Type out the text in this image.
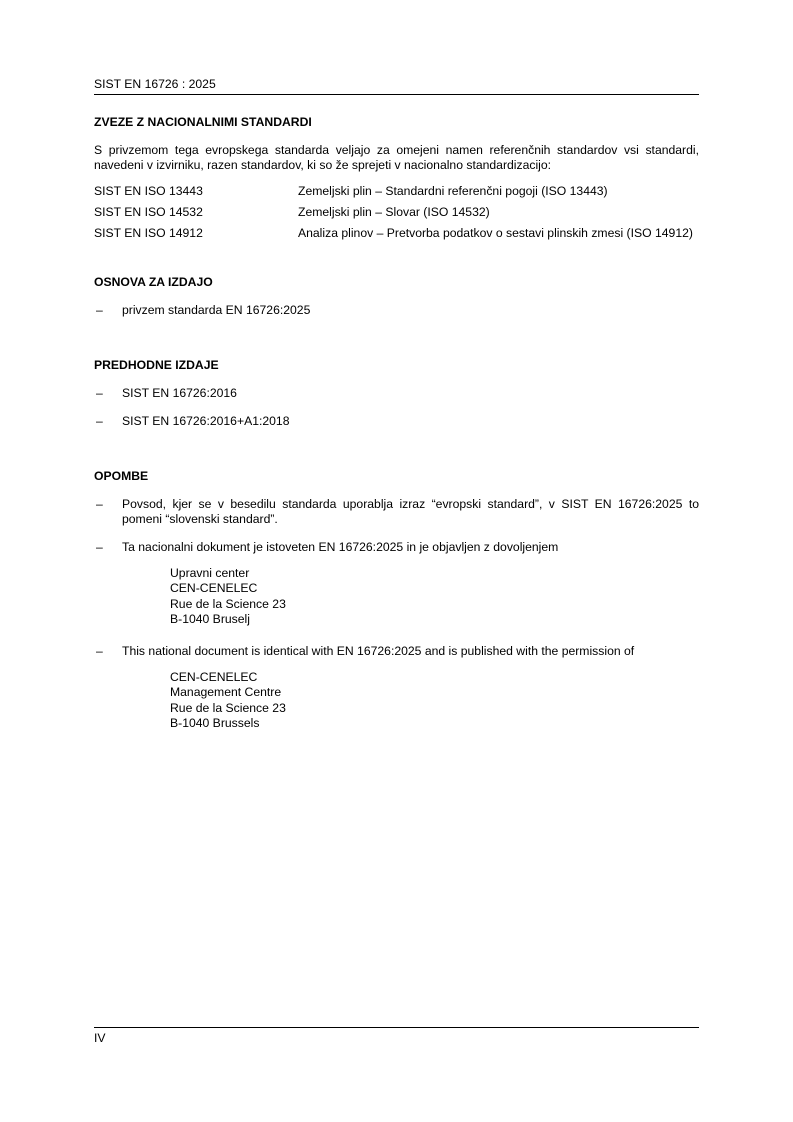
SIST EN 16726 : 2025
ZVEZE Z NACIONALNIMI STANDARDI

S privzemom tega evropskega standarda veljajo za omejeni namen referenčnih standardov vsi standardi, navedeni v izvirniku, razen standardov, ki so že sprejeti v nacionalno standardizacijo:

SIST EN ISO 13443	Zemeljski plin – Standardni referenčni pogoji (ISO 13443)
SIST EN ISO 14532	Zemeljski plin – Slovar (ISO 14532)
SIST EN ISO 14912	Analiza plinov – Pretvorba podatkov o sestavi plinskih zmesi (ISO 14912)
OSNOVA ZA IZDAJO
–	privzem standarda EN 16726:2025
PREDHODNE IZDAJE
–	SIST EN 16726:2016
–	SIST EN 16726:2016+A1:2018
OPOMBE
–	Povsod, kjer se v besedilu standarda uporablja izraz “evropski standard”, v SIST EN 16726:2025 to pomeni “slovenski standard”.
–	Ta nacionalni dokument je istoveten EN 16726:2025 in je objavljen z dovoljenjem
Upravni center
CEN-CENELEC
Rue de la Science 23
B-1040 Bruselj
–	This national document is identical with EN 16726:2025 and is published with the permission of
CEN-CENELEC
Management Centre
Rue de la Science 23
B-1040 Brussels
IV
